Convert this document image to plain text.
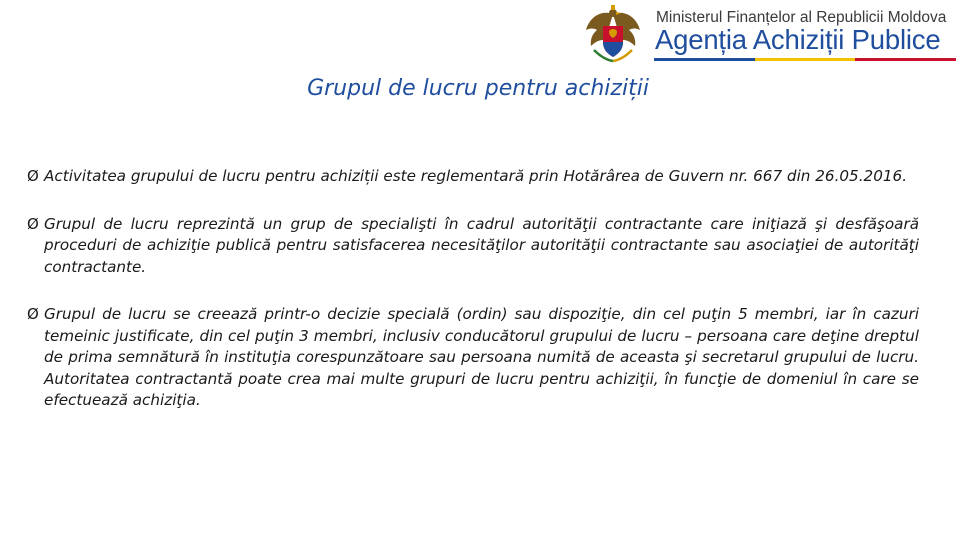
Ministerul Finanțelor al Republicii Moldova
Agenția Achiziții Publice
Grupul de lucru pentru achiziții
Ø Activitatea grupului de lucru pentru achiziții este reglementară prin Hotărârea de Guvern nr. 667 din 26.05.2016.
Ø Grupul de lucru reprezintă un grup de specialişti în cadrul autorităţii contractante care iniţiază şi desfăşoară proceduri de achiziţie publică pentru satisfacerea necesităţilor autorităţii contractante sau asociaţiei de autorităţi contractante.
Ø Grupul de lucru se creează printr-o decizie specială (ordin) sau dispoziţie, din cel puţin 5 membri, iar în cazuri temeinic justificate, din cel puţin 3 membri, inclusiv conducătorul grupului de lucru – persoana care deţine dreptul de prima semnătură în instituţia corespunzătoare sau persoana numită de aceasta şi secretarul grupului de lucru. Autoritatea contractantă poate crea mai multe grupuri de lucru pentru achiziţii, în funcţie de domeniul în care se efectuează achiziţia.
